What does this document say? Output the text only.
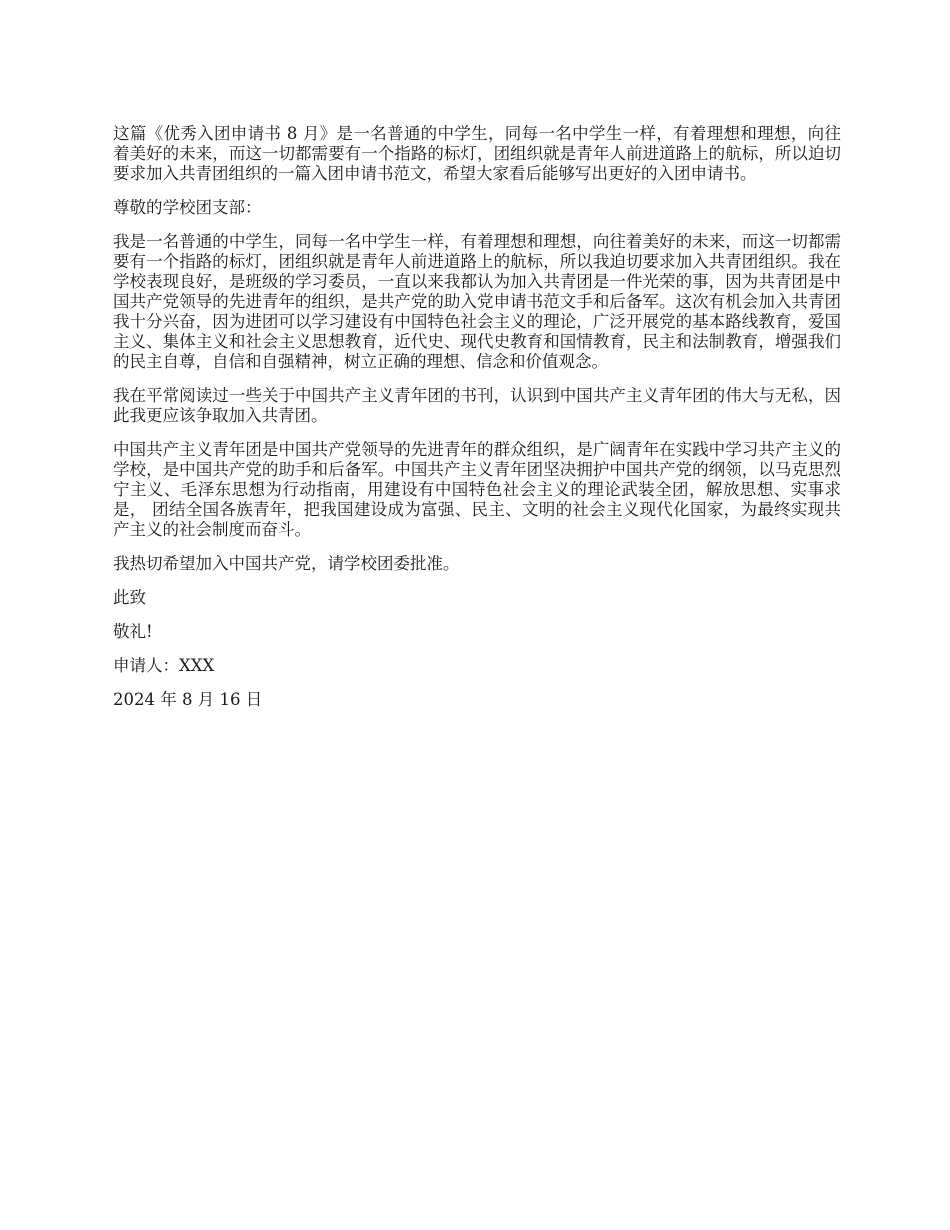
这篇《优秀入团申请书 8 月》是一名普通的中学生，同每一名中学生一样，有着理想和理想，向往着美好的未来，而这一切都需要有一个指路的标灯，团组织就是青年人前进道路上的航标，所以迫切要求加入共青团组织的一篇入团申请书范文，希望大家看后能够写出更好的入团申请书。

尊敬的学校团支部：

我是一名普通的中学生，同每一名中学生一样，有着理想和理想，向往着美好的未来，而这一切都需要有一个指路的标灯，团组织就是青年人前进道路上的航标，所以我迫切要求加入共青团组织。我在学校表现良好，是班级的学习委员，一直以来我都认为加入共青团是一件光荣的事，因为共青团是中国共产党领导的先进青年的组织，是共产党的助入党申请书范文手和后备军。这次有机会加入共青团我十分兴奋，因为进团可以学习建设有中国特色社会主义的理论，广泛开展党的基本路线教育，爱国主义、集体主义和社会主义思想教育，近代史、现代史教育和国情教育，民主和法制教育，增强我们的民主自尊，自信和自强精神，树立正确的理想、信念和价值观念。

我在平常阅读过一些关于中国共产主义青年团的书刊，认识到中国共产主义青年团的伟大与无私，因此我更应该争取加入共青团。

中国共产主义青年团是中国共产党领导的先进青年的群众组织，是广阔青年在实践中学习共产主义的学校，是中国共产党的助手和后备军。中国共产主义青年团坚决拥护中国共产党的纲领，以马克思烈宁主义、毛泽东思想为行动指南，用建设有中国特色社会主义的理论武装全团，解放思想、实事求是， 团结全国各族青年，把我国建设成为富强、民主、文明的社会主义现代化国家，为最终实现共产主义的社会制度而奋斗。

我热切希望加入中国共产党，请学校团委批准。

此致

敬礼!

申请人：XXX

2024 年 8 月 16 日
